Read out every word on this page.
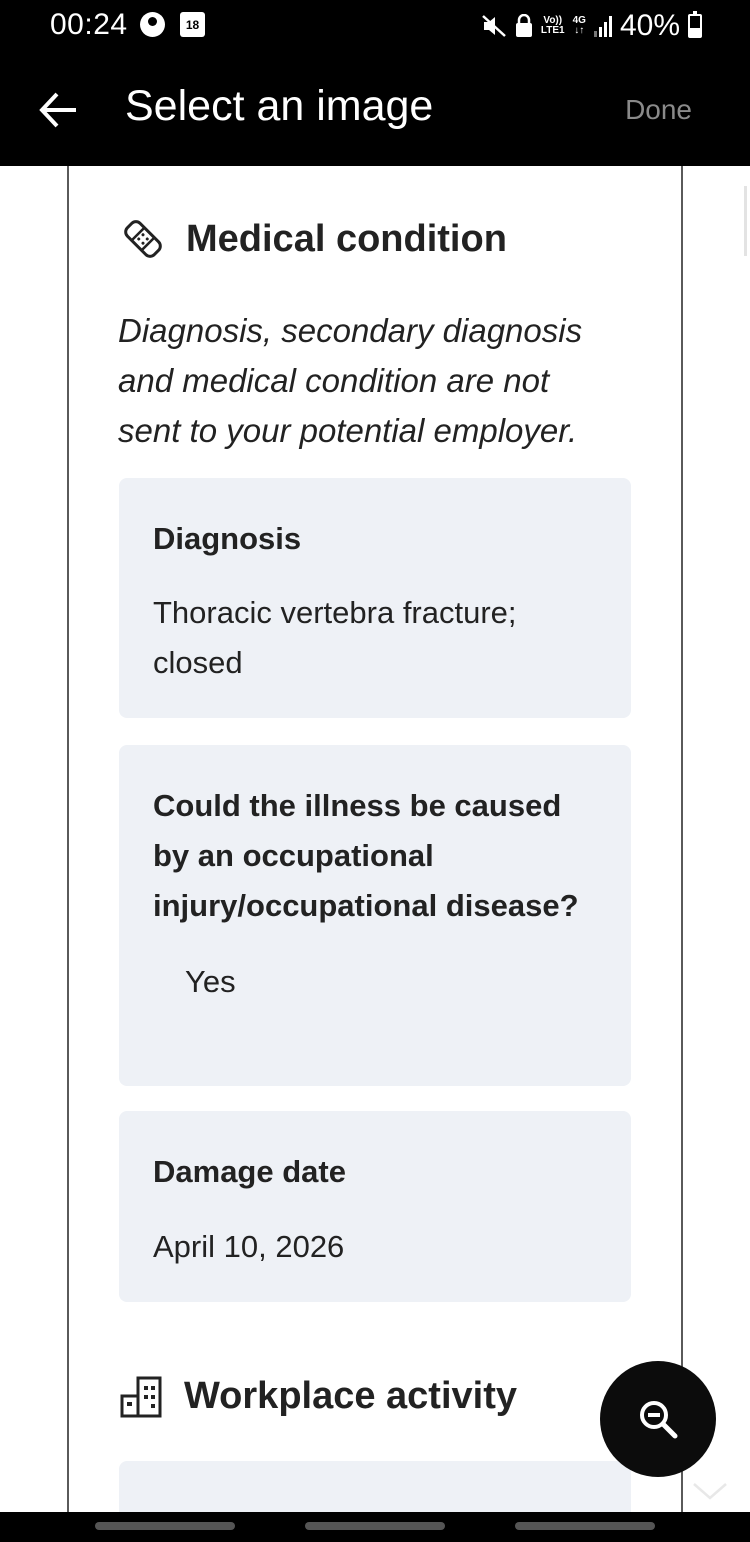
00:24	18	Vo))
LTE1
4G
↓↑ 40%
Select an image	Done
Medical condition
Diagnosis, secondary diagnosis and medical condition are not sent to your potential employer.
Diagnosis
Thoracic vertebra fracture; closed
Could the illness be caused by an occupational injury/occupational disease?
Yes
Damage date
April 10, 2026
Workplace activity
